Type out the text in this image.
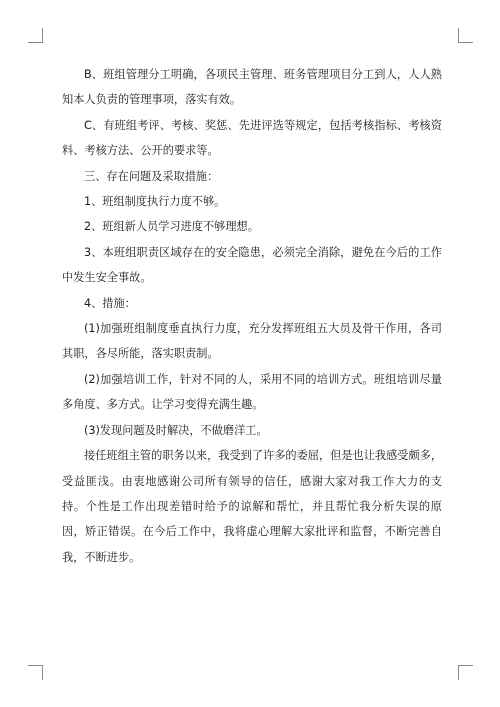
B、班组管理分工明确，各项民主管理、班务管理项目分工到人，人人熟知本人负责的管理事项，落实有效。

C、有班组考评、考核、奖惩、先进评选等规定，包括考核指标、考核资料、考核方法、公开的要求等。

三、存在问题及采取措施：

1、班组制度执行力度不够。

2、班组新人员学习进度不够理想。

3、本班组职责区域存在的安全隐患，必须完全消除，避免在今后的工作中发生安全事故。

4、措施：

(1)加强班组制度垂直执行力度，充分发挥班组五大员及骨干作用，各司其职，各尽所能，落实职责制。

(2)加强培训工作，针对不同的人，采用不同的培训方式。班组培训尽量多角度、多方式。让学习变得充满生趣。

(3)发现问题及时解决，不做磨洋工。

接任班组主管的职务以来，我受到了许多的委屈，但是也让我感受颇多，受益匪浅。由衷地感谢公司所有领导的信任，感谢大家对我工作大力的支持。个性是工作出现差错时给予的谅解和帮忙，并且帮忙我分析失误的原因，矫正错误。在今后工作中，我将虚心理解大家批评和监督，不断完善自我，不断进步。
